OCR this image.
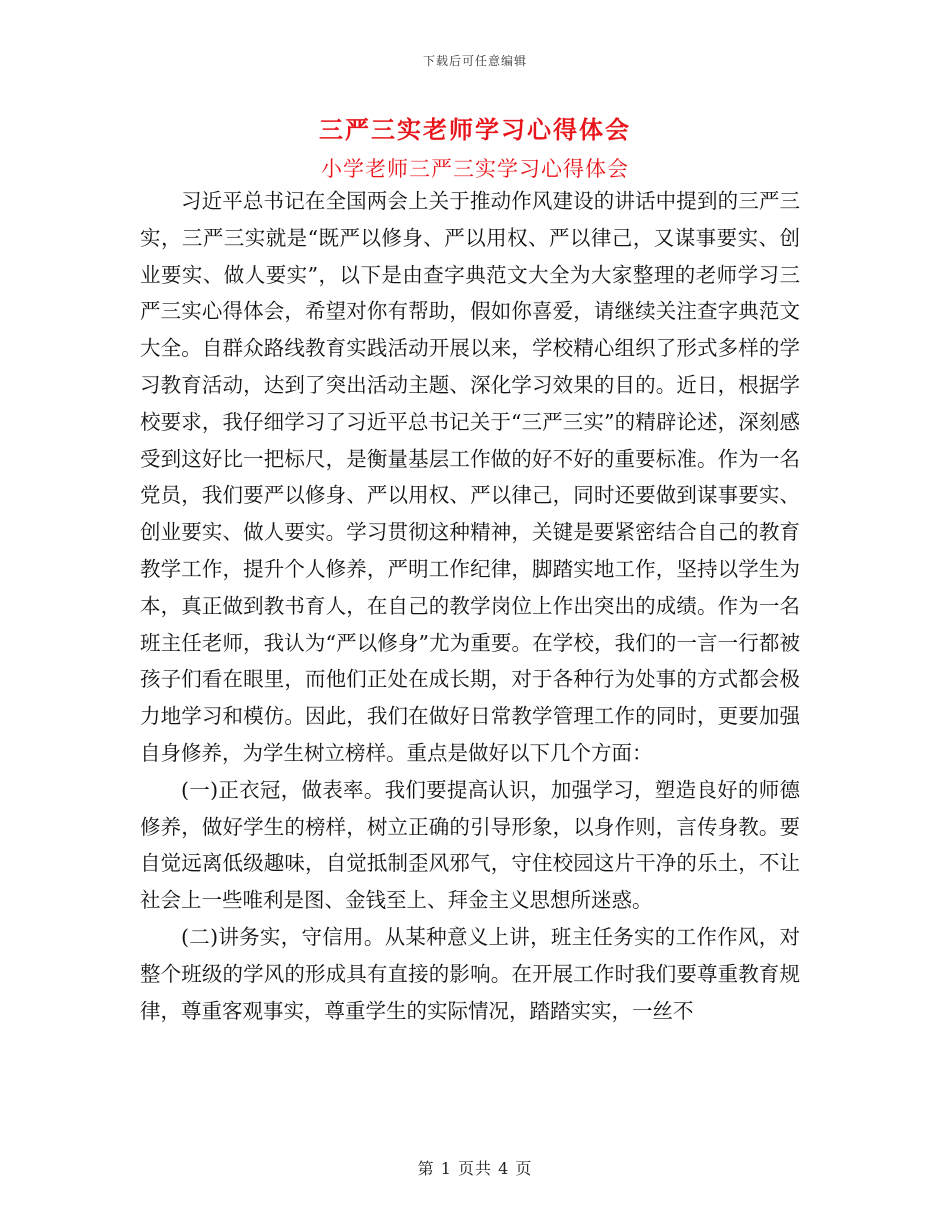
下载后可任意编辑
三严三实老师学习心得体会
小学老师三严三实学习心得体会

习近平总书记在全国两会上关于推动作风建设的讲话中提到的三严三实，三严三实就是“既严以修身、严以用权、严以律己，又谋事要实、创业要实、做人要实”，以下是由查字典范文大全为大家整理的老师学习三严三实心得体会，希望对你有帮助，假如你喜爱，请继续关注查字典范文大全。自群众路线教育实践活动开展以来，学校精心组织了形式多样的学习教育活动，达到了突出活动主题、深化学习效果的目的。近日，根据学校要求，我仔细学习了习近平总书记关于“三严三实”的精辟论述，深刻感受到这好比一把标尺，是衡量基层工作做的好不好的重要标准。作为一名党员，我们要严以修身、严以用权、严以律己，同时还要做到谋事要实、创业要实、做人要实。学习贯彻这种精神，关键是要紧密结合自己的教育教学工作，提升个人修养，严明工作纪律，脚踏实地工作，坚持以学生为本，真正做到教书育人，在自己的教学岗位上作出突出的成绩。作为一名班主任老师，我认为“严以修身”尤为重要。在学校，我们的一言一行都被孩子们看在眼里，而他们正处在成长期，对于各种行为处事的方式都会极力地学习和模仿。因此，我们在做好日常教学管理工作的同时，更要加强自身修养，为学生树立榜样。重点是做好以下几个方面：

(一)正衣冠，做表率。我们要提高认识，加强学习，塑造良好的师德修养，做好学生的榜样，树立正确的引导形象，以身作则，言传身教。要自觉远离低级趣味，自觉抵制歪风邪气，守住校园这片干净的乐土，不让社会上一些唯利是图、金钱至上、拜金主义思想所迷惑。

(二)讲务实，守信用。从某种意义上讲，班主任务实的工作作风，对整个班级的学风的形成具有直接的影响。在开展工作时我们要尊重教育规律，尊重客观事实，尊重学生的实际情况，踏踏实实，一丝不

第 1 页共 4 页
